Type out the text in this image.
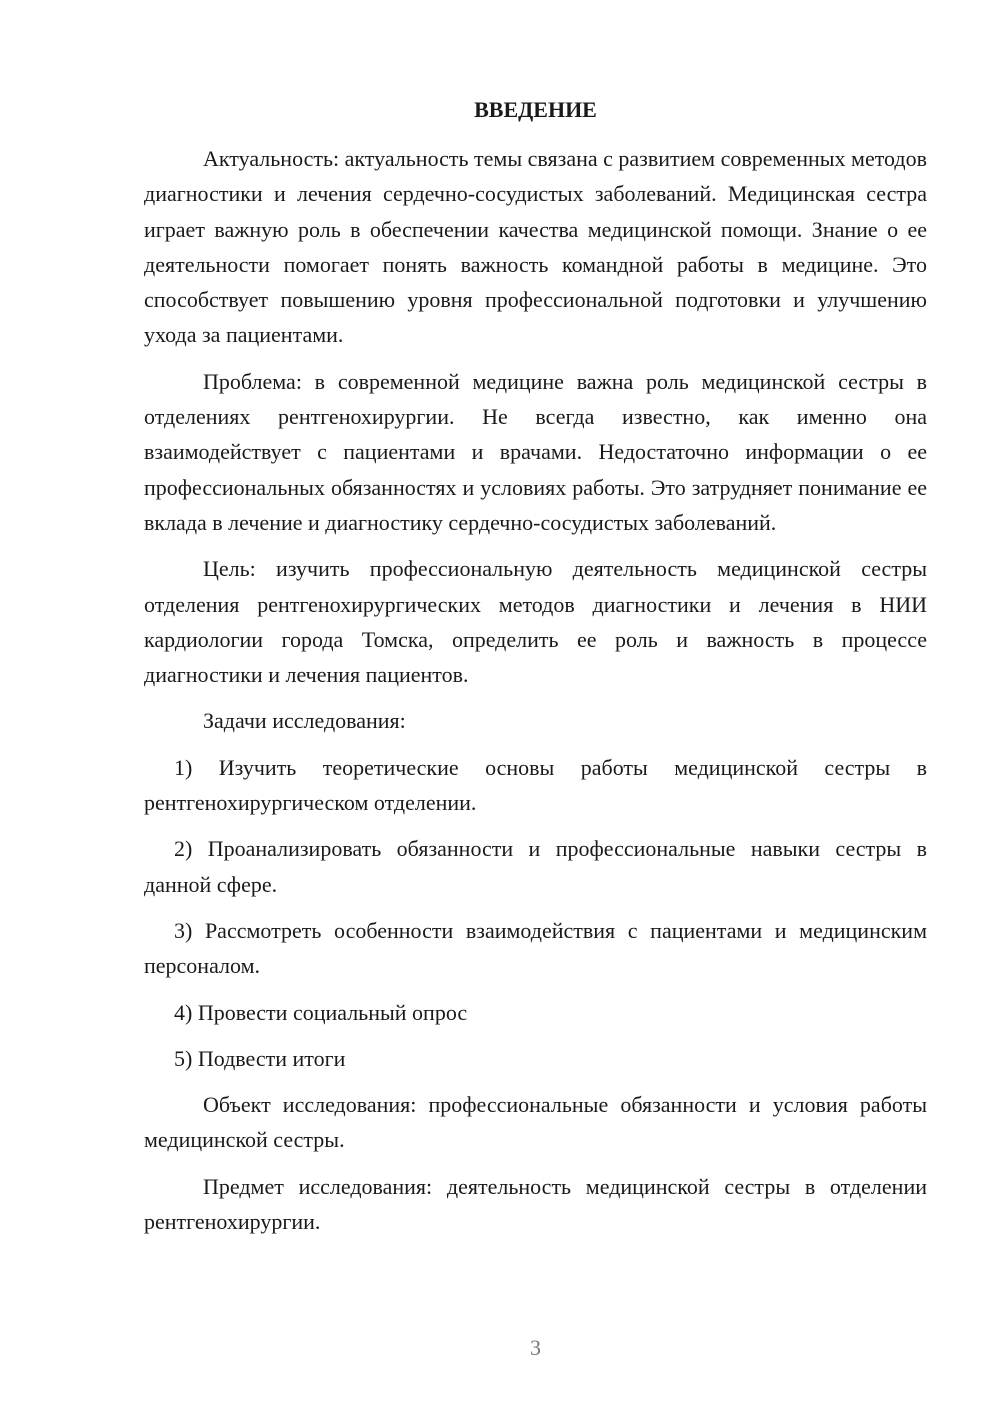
ВВЕДЕНИЕ

Актуальность: актуальность темы связана с развитием современных методов диагностики и лечения сердечно-сосудистых заболеваний. Медицинская сестра играет важную роль в обеспечении качества медицинской помощи. Знание о ее деятельности помогает понять важность командной работы в медицине. Это способствует повышению уровня профессиональной подготовки и улучшению ухода за пациентами.

Проблема: в современной медицине важна роль медицинской сестры в отделениях рентгенохирургии. Не всегда известно, как именно она взаимодействует с пациентами и врачами. Недостаточно информации о ее профессиональных обязанностях и условиях работы. Это затрудняет понимание ее вклада в лечение и диагностику сердечно-сосудистых заболеваний.

Цель: изучить профессиональную деятельность медицинской сестры отделения рентгенохирургических методов диагностики и лечения в НИИ кардиологии города Томска, определить ее роль и важность в процессе диагностики и лечения пациентов.

Задачи исследования:

1) Изучить теоретические основы работы медицинской сестры в рентгенохирургическом отделении.

2) Проанализировать обязанности и профессиональные навыки сестры в данной сфере.

3) Рассмотреть особенности взаимодействия с пациентами и медицинским персоналом.

4) Провести социальный опрос

5) Подвести итоги

Объект исследования: профессиональные обязанности и условия работы медицинской сестры.

Предмет исследования: деятельность медицинской сестры в отделении рентгенохирургии.

3
